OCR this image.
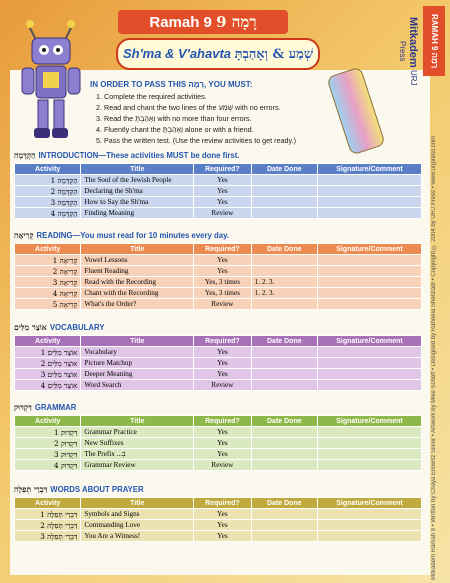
Ramah 9 רָמָה 9
Sh'ma & V'ahavta שְׁמַע & וְאָהַבְתָּ	Mitkadem URJ Press	RAMAH 9 רָמָה
IN ORDER TO PASS THIS רָמָה, YOU MUST:
1. Complete the required activities.
2. Read and chant the two lines of the שְׁמַע with no errors.
3. Read the וְאָהַבְתָּ with no more than four errors.
4. Fluently chant the וְאָהַבְתָּ alone or with a friend.
5. Pass the written test. (Use the review activities to get ready.)
הַקְדָּמָה INTRODUCTION—These activities MUST be done first.
Activity	Title	Required?	Date Done	Signature/Comment
הַקְדָּמָה 1	The Soul of the Jewish People	Yes		
הַקְדָּמָה 2	Declaring the Sh'ma	Yes		
הַקְדָּמָה 3	How to Say the Sh'ma	Yes		
הַקְדָּמָה 4	Finding Meaning	Review		
קְרִיאָה READING—You must read for 10 minutes every day.
Activity	Title	Required?	Date Done	Signature/Comment
קְרִיאָה 1	Vowel Lessons	Yes		
קְרִיאָה 2	Fluent Reading	Yes		
קְרִיאָה 3	Read with the Recording	Yes, 3 times	1. 2. 3.	
קְרִיאָה 4	Chant with the Recording	Yes, 3 times	1. 2. 3.	
קְרִיאָה 5	What's the Order?	Review		
אוֹצַר מִלִּים VOCABULARY
Activity	Title	Required?	Date Done	Signature/Comment
אוֹצַר מִלִּים 1	Vocabulary	Yes		
אוֹצַר מִלִּים 2	Picture Matchup	Yes		
אוֹצַר מִלִּים 3	Deeper Meaning	Yes		
אוֹצַר מִלִּים 4	Word Search	Review		
דִּקְדּוּק GRAMMAR
Activity	Title	Required?	Date Done	Signature/Comment
דִּקְדּוּק 1	Grammar Practice	Yes		
דִּקְדּוּק 2	New Suffixes	Yes		
דִּקְדּוּק 3	The Prefix ...בְ	Yes		
דִּקְדּוּק 4	Grammar Review	Review		
דִּבְרֵי תְּפִלָּה WORDS ABOUT PRAYER
Activity	Title	Required?	Date Done	Signature/Comment
דִּבְרֵי תְּפִלָּה 1	Symbols and Signs	Yes		
דִּבְרֵי תְּפִלָּה 2	Commanding Love	Yes		
דִּבְרֵי תְּפִלָּה 3	You Are a Witness!	Yes			Mitkadem Ramah 9 • Written by Chaya Ellowitz Silver • Artwork by Mike Scheff • Designed by Raheela Shehzadi • Copyright © 2004 by URJ Press • www.urjpress.com
